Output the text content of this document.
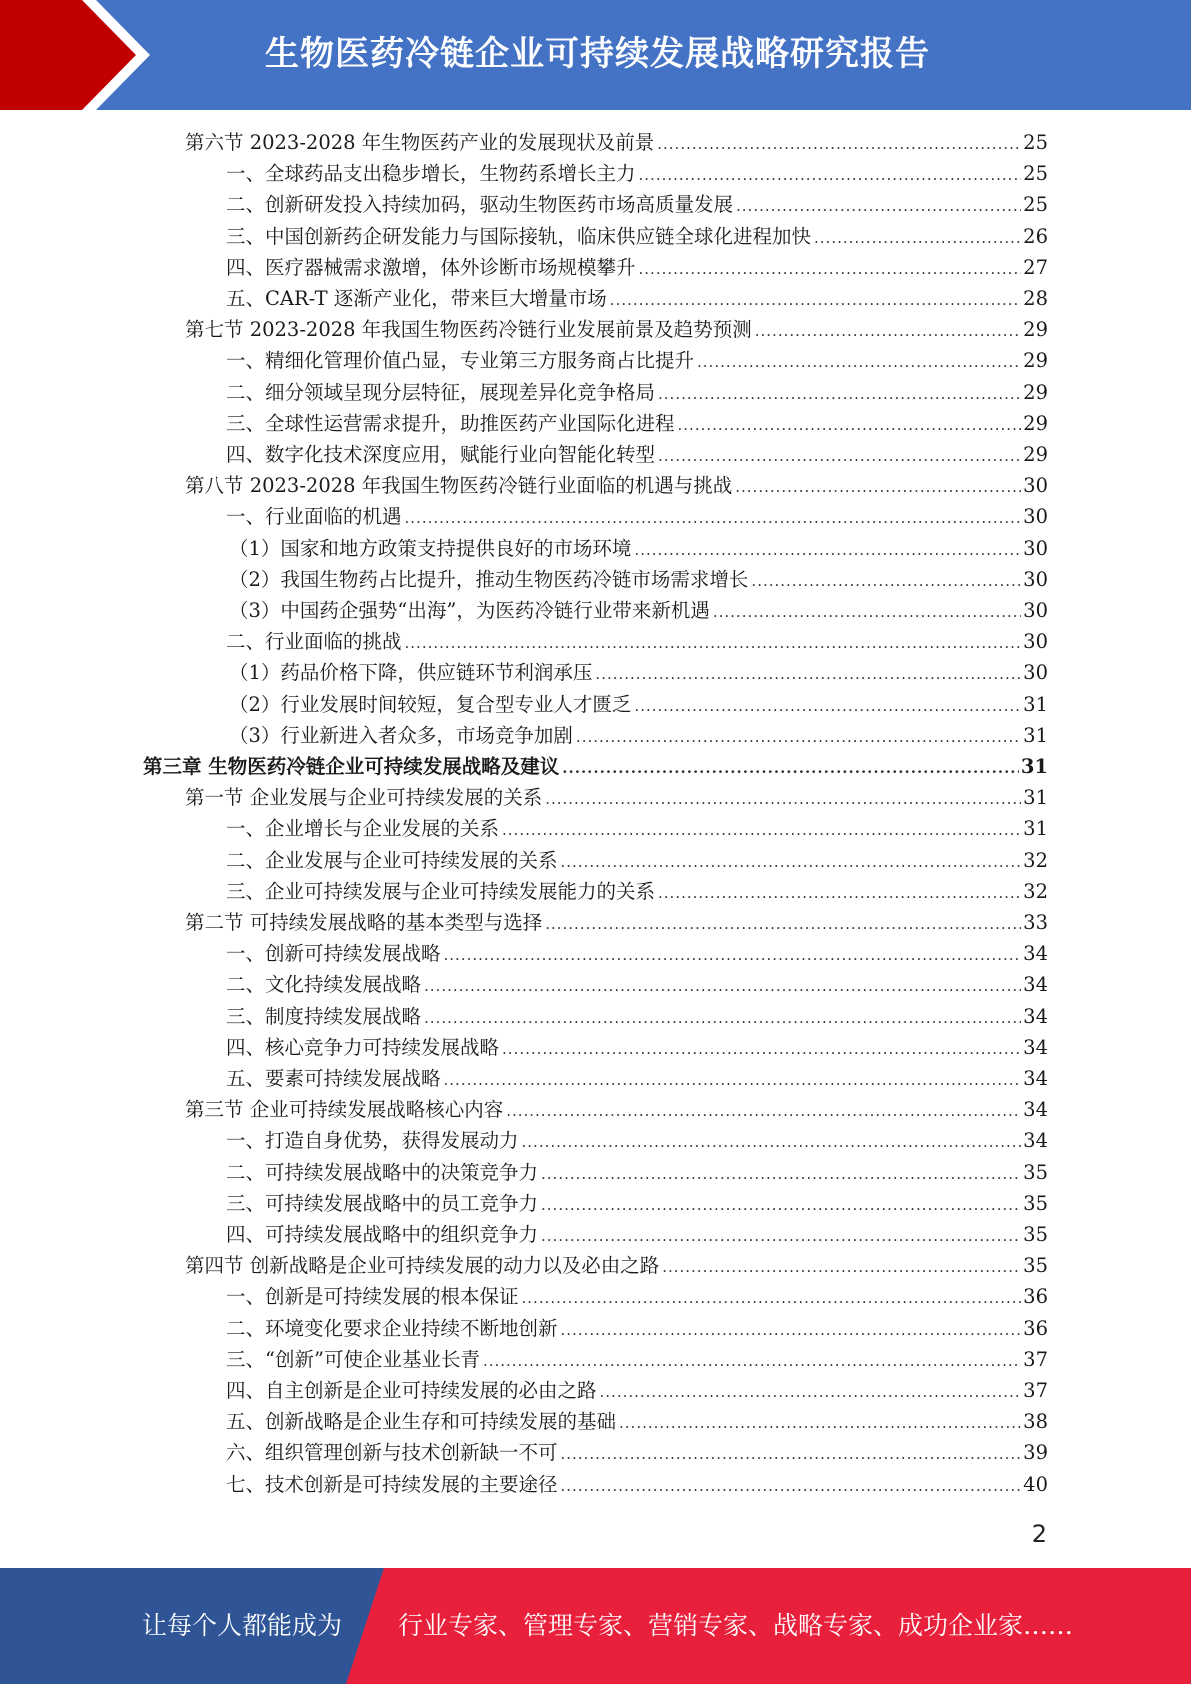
生物医药冷链企业可持续发展战略研究报告
第六节 2023-2028 年生物医药产业的发展现状及前景 .....	25
一、全球药品支出稳步增长，生物药系增长主力 .....	25
二、创新研发投入持续加码，驱动生物医药市场高质量发展 .....	25
三、中国创新药企研发能力与国际接轨，临床供应链全球化进程加快 .....	26
四、医疗器械需求激增，体外诊断市场规模攀升 .....	27
五、CAR-T 逐渐产业化，带来巨大增量市场 .....	28
第七节 2023-2028 年我国生物医药冷链行业发展前景及趋势预测 .....	29
一、精细化管理价值凸显，专业第三方服务商占比提升 .....	29
二、细分领域呈现分层特征，展现差异化竞争格局 .....	29
三、全球性运营需求提升，助推医药产业国际化进程 .....	29
四、数字化技术深度应用，赋能行业向智能化转型 .....	29
第八节 2023-2028 年我国生物医药冷链行业面临的机遇与挑战 .....	30
一、行业面临的机遇 .....	30
（1）国家和地方政策支持提供良好的市场环境 .....	30
（2）我国生物药占比提升，推动生物医药冷链市场需求增长 .....	30
（3）中国药企强势“出海”，为医药冷链行业带来新机遇 .....	30
二、行业面临的挑战 .....	30
（1）药品价格下降，供应链环节利润承压 .....	30
（2）行业发展时间较短，复合型专业人才匮乏 .....	31
（3）行业新进入者众多，市场竞争加剧 .....	31
第三章 生物医药冷链企业可持续发展战略及建议 .....	31
第一节 企业发展与企业可持续发展的关系 .....	31
一、企业增长与企业发展的关系 .....	31
二、企业发展与企业可持续发展的关系 .....	32
三、企业可持续发展与企业可持续发展能力的关系 .....	32
第二节 可持续发展战略的基本类型与选择 .....	33
一、创新可持续发展战略 .....	34
二、文化持续发展战略 .....	34
三、制度持续发展战略 .....	34
四、核心竞争力可持续发展战略 .....	34
五、要素可持续发展战略 .....	34
第三节 企业可持续发展战略核心内容 .....	34
一、打造自身优势，获得发展动力 .....	34
二、可持续发展战略中的决策竞争力 .....	35
三、可持续发展战略中的员工竞争力 .....	35
四、可持续发展战略中的组织竞争力 .....	35
第四节 创新战略是企业可持续发展的动力以及必由之路 .....	35
一、创新是可持续发展的根本保证 .....	36
二、环境变化要求企业持续不断地创新 .....	36
三、“创新”可使企业基业长青 .....	37
四、自主创新是企业可持续发展的必由之路 .....	37
五、创新战略是企业生存和可持续发展的基础 .....	38
六、组织管理创新与技术创新缺一不可 .....	39
七、技术创新是可持续发展的主要途径 .....	40
2
让每个人都能成为 行业专家、管理专家、营销专家、战略专家、成功企业家……
